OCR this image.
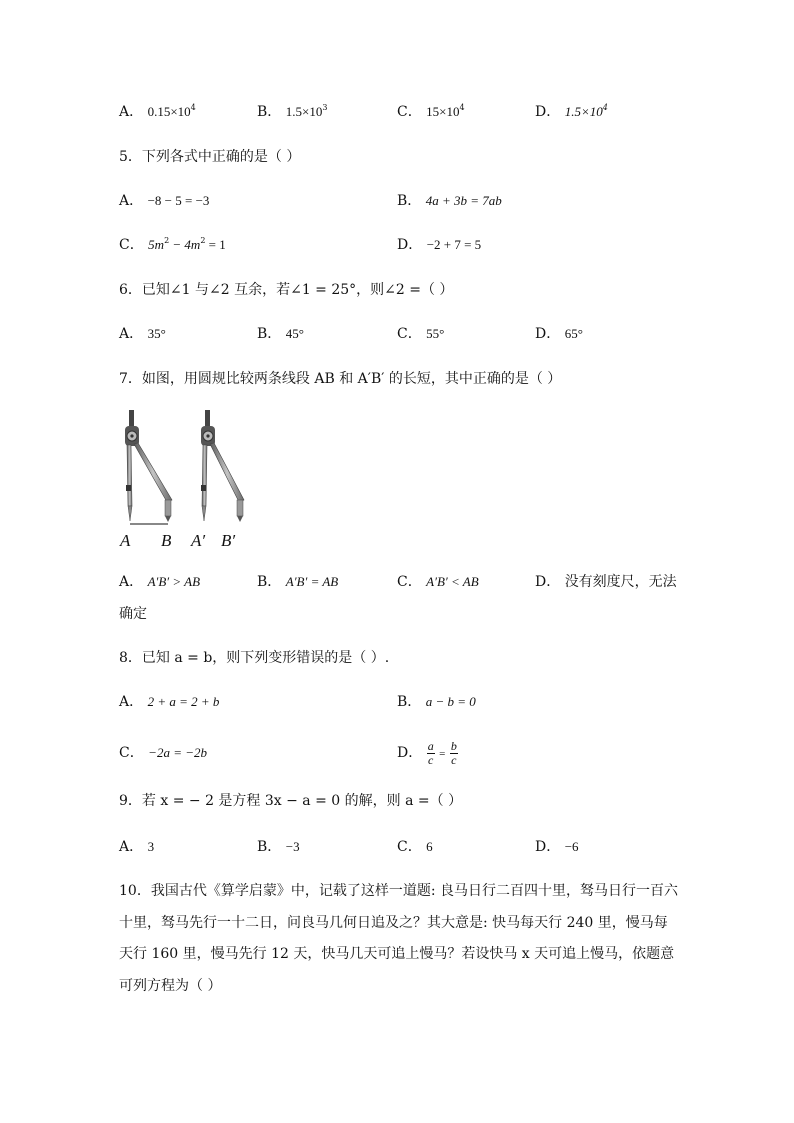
A． $0.15\times 10^4$	B． $1.5\times 10^3$	C． $15\times 10^4$	D． $1.5\times 10^4$
5．下列各式中正确的是（ ）
A． −8 − 5 = −3	B． 4a + 3b = 7ab
C． $5m^2 - 4m^2 = 1$	D． −2 + 7 = 5
6．已知∠1 与∠2 互余，若∠1 = 25°，则∠2 =（ ）
A． 35°	B． 45°	C． 55°	D． 65°
7．如图，用圆规比较两条线段 AB 和 A′B′ 的长短，其中正确的是（ ）
A B A′ B′
A． A′B′ > AB	B． A′B′ = AB	C． A′B′ < AB	D． 没有刻度尺，无法
确定
8．已知 a = b，则下列变形错误的是（ ）.
A． 2 + a = 2 + b	B． a − b = 0
C． −2a = −2b	D． $\frac{a}{c} = \frac{b}{c}$
9．若 x = − 2 是方程 3x − a = 0 的解，则 a =（ ）
A． 3	B． −3	C． 6	D． −6
10．我国古代《算学启蒙》中，记载了这样一道题: 良马日行二百四十里，驽马日行一百六十里，驽马先行一十二日，问良马几何日追及之？其大意是: 快马每天行 240 里，慢马每天行 160 里，慢马先行 12 天，快马几天可追上慢马？若设快马 x 天可追上慢马，依题意可列方程为（ ）
